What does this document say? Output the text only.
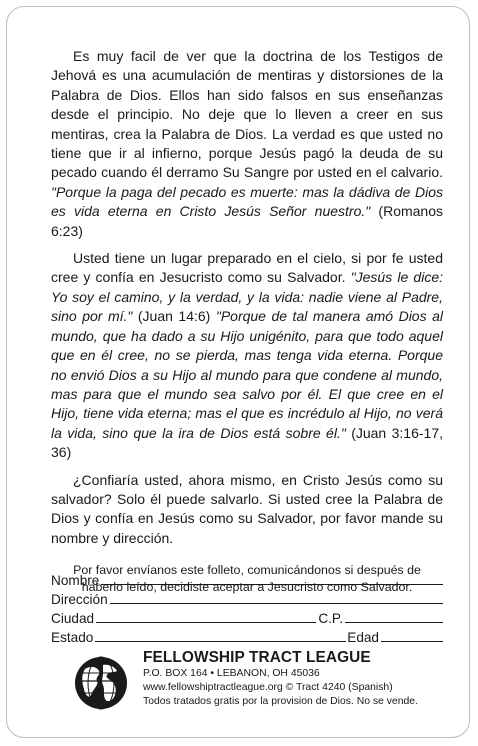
Es muy facil de ver que la doctrina de los Testigos de Jehová es una acumulación de mentiras y distorsiones de la Palabra de Dios. Ellos han sido falsos en sus enseñanzas desde el principio. No deje que lo lleven a creer en sus mentiras, crea la Palabra de Dios. La verdad es que usted no tiene que ir al infierno, porque Jesús pagó la deuda de su pecado cuando él derramo Su Sangre por usted en el calvario. "Porque la paga del pecado es muerte: mas la dádiva de Dios es vida eterna en Cristo Jesús Señor nuestro." (Romanos 6:23)

Usted tiene un lugar preparado en el cielo, si por fe usted cree y confía en Jesucristo como su Salvador. "Jesús le dice: Yo soy el camino, y la verdad, y la vida: nadie viene al Padre, sino por mí." (Juan 14:6) "Porque de tal manera amó Dios al mundo, que ha dado a su Hijo unigénito, para que todo aquel que en él cree, no se pierda, mas tenga vida eterna. Porque no envió Dios a su Hijo al mundo para que condene al mundo, mas para que el mundo sea salvo por él. El que cree en el Hijo, tiene vida eterna; mas el que es incrédulo al Hijo, no verá la vida, sino que la ira de Dios está sobre él." (Juan 3:16-17, 36)

¿Confiaría usted, ahora mismo, en Cristo Jesús como su salvador? Solo él puede salvarlo. Si usted cree la Palabra de Dios y confía en Jesús como su Salvador, por favor mande su nombre y dirección.

Por favor envíanos este folleto, comunicándonos si después de haberlo leído, decidiste aceptar a Jesucristo como Salvador.

Nombre
Dirección
Ciudad	C.P.
Estado	Edad
FELLOWSHIP TRACT LEAGUE
P.O. BOX 164 • LEBANON, OH 45036
www.fellowshiptractleague.org © Tract 4240 (Spanish)
Todos tratados gratis por la provision de Dios. No se vende.
